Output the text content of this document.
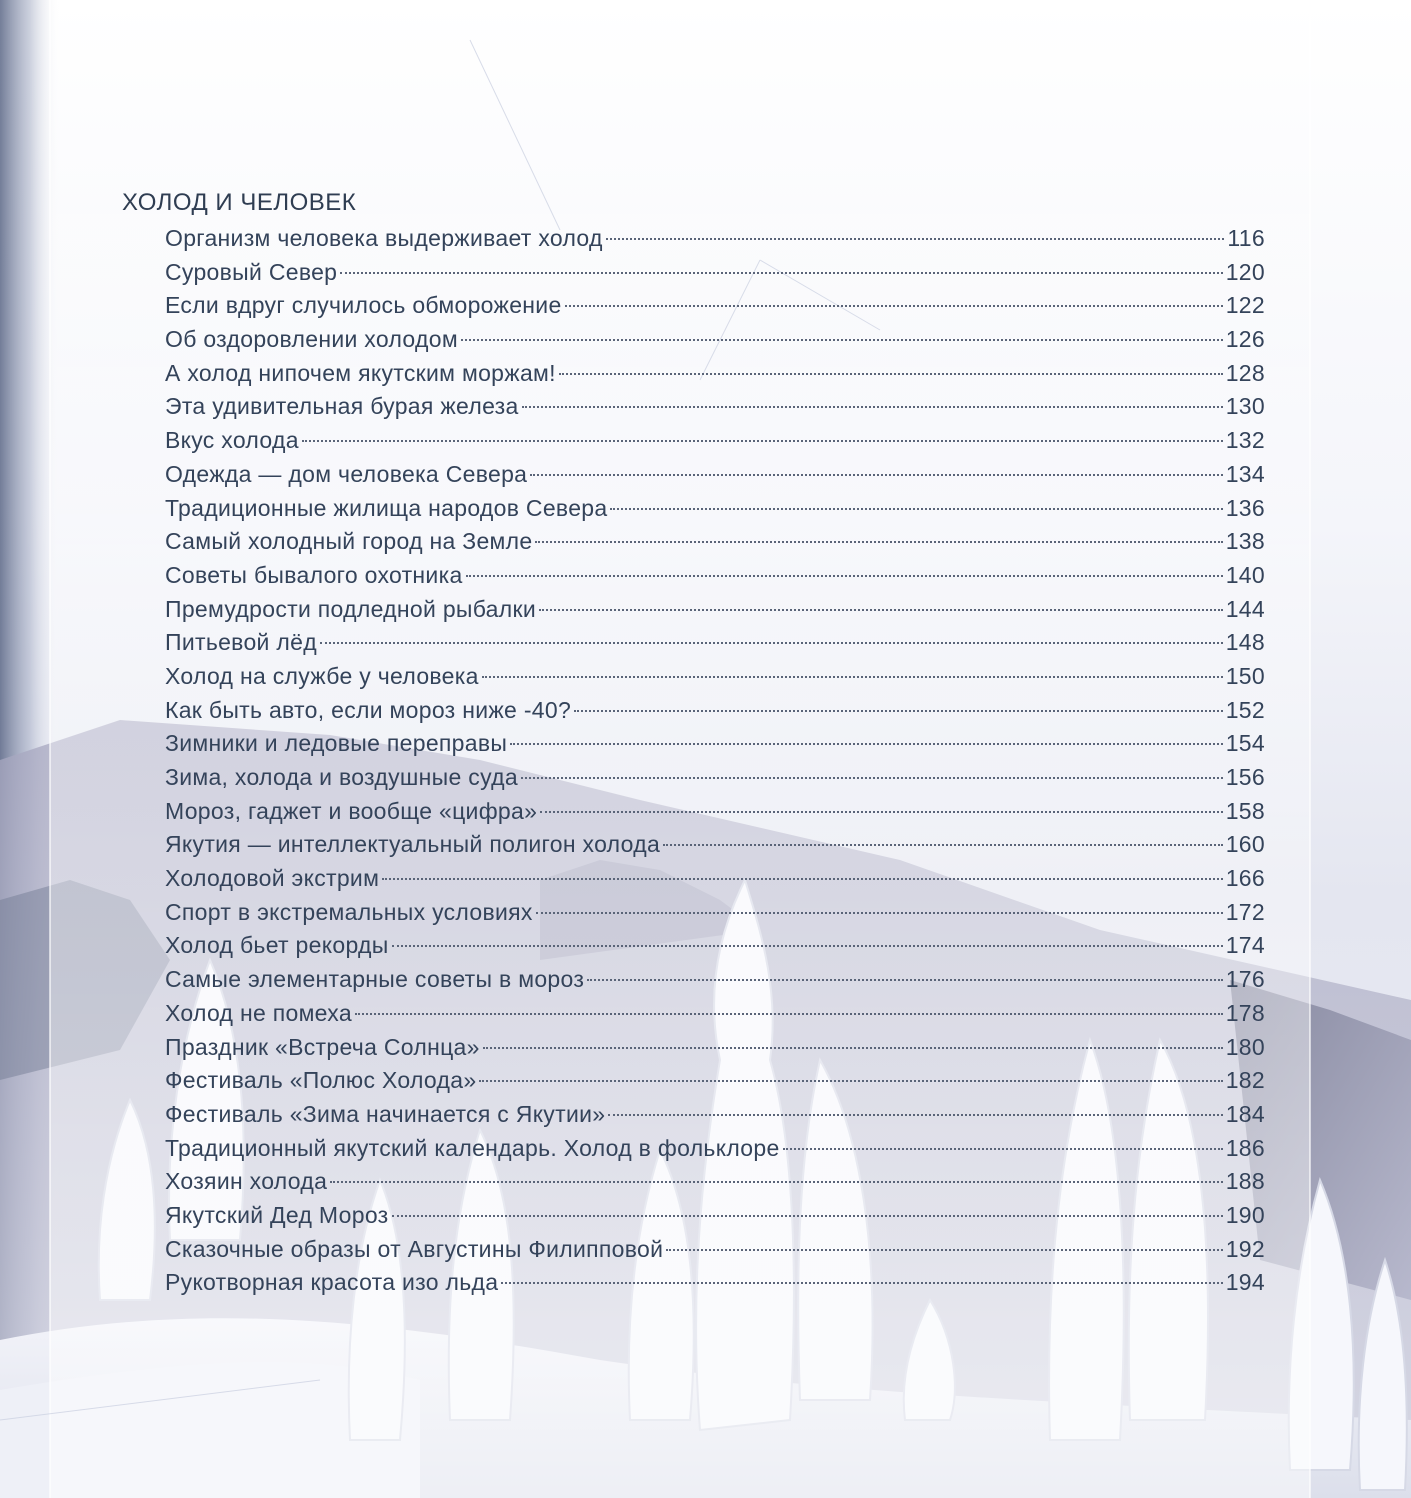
ХОЛОД И ЧЕЛОВЕК
Организм человека выдерживает холод	116
Суровый Север	120
Если вдруг случилось обморожение	122
Об оздоровлении холодом	126
А холод нипочем якутским моржам!	128
Эта удивительная бурая железа	130
Вкус холода	132
Одежда — дом человека Севера	134
Традиционные жилища народов Севера	136
Самый холодный город на Земле	138
Советы бывалого охотника	140
Премудрости подледной рыбалки	144
Питьевой лёд	148
Холод на службе у человека	150
Как быть авто, если мороз ниже -40?	152
Зимники и ледовые переправы	154
Зима, холода и воздушные суда	156
Мороз, гаджет и вообще «цифра»	158
Якутия — интеллектуальный полигон холода	160
Холодовой экстрим	166
Спорт в экстремальных условиях	172
Холод бьет рекорды	174
Самые элементарные советы в мороз	176
Холод не помеха	178
Праздник «Встреча Солнца»	180
Фестиваль «Полюс Холода»	182
Фестиваль «Зима начинается с Якутии»	184
Традиционный якутский календарь. Холод в фольклоре	186
Хозяин холода	188
Якутский Дед Мороз	190
Сказочные образы от Августины Филипповой	192
Рукотворная красота изо льда	194
